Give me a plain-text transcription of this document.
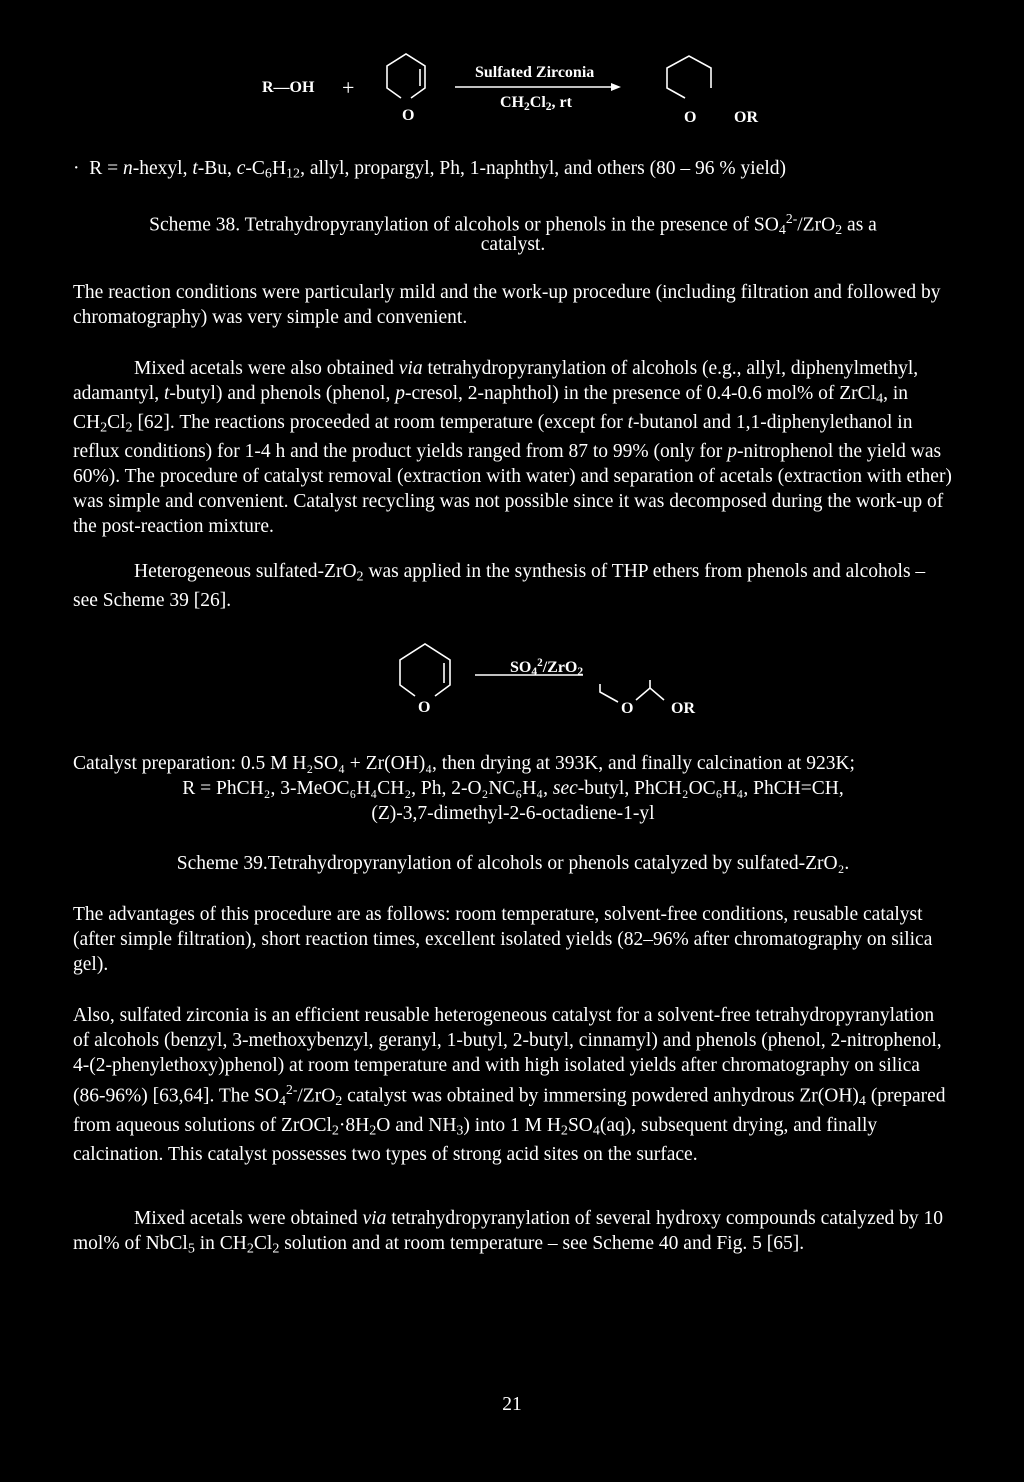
R—OH +
O
Sulfated Zirconia
$CH_2Cl_2$, rt
O OR
· R = n-hexyl, t-Bu, $c-C_6H_{12}$, allyl, propargyl, Ph, 1-naphthyl, and others (80 – 96 % yield)
Scheme 38. Tetrahydropyranylation of alcohols or phenols in the presence of $SO_4^{2-}/ZrO_2$ as a
catalyst.

The reaction conditions were particularly mild and the work-up procedure (including filtration and followed by chromatography) was very simple and convenient.

Mixed acetals were also obtained via tetrahydropyranylation of alcohols (e.g., allyl, diphenylmethyl, adamantyl, t-butyl) and phenols (phenol, p-cresol, 2-naphthol) in the presence of 0.4-0.6 mol% of ZrCl$_4$, in $CH_2Cl_2$ [62]. The reactions proceeded at room temperature (except for t-butanol and 1,1-diphenylethanol in reflux conditions) for 1-4 h and the product yields ranged from 87 to 99% (only for p-nitrophenol the yield was 60%). The procedure of catalyst removal (extraction with water) and separation of acetals (extraction with ether) was simple and convenient. Catalyst recycling was not possible since it was decomposed during the work-up of the post-reaction mixture.

Heterogeneous sulfated-ZrO$_2$ was applied in the synthesis of THP ethers from phenols and alcohols – see Scheme 39 [26].

O
$SO_4^2/ZrO_2$
O OR
Catalyst preparation: 0.5 M H₂SO₄ + Zr(OH)₄, then drying at 393K, and finally calcination at 923K;
R = PhCH₂, 3-MeOC₆H₄CH₂, Ph, 2-O₂NC₆H₄, sec-butyl, PhCH₂OC₆H₄, PhCH=CH,
(Z)-3,7-dimethyl-2-6-octadiene-1-yl
Scheme 39.Tetrahydropyranylation of alcohols or phenols catalyzed by sulfated-ZrO₂.

The advantages of this procedure are as follows: room temperature, solvent-free conditions, reusable catalyst (after simple filtration), short reaction times, excellent isolated yields (82–96% after chromatography on silica gel).

Also, sulfated zirconia is an efficient reusable heterogeneous catalyst for a solvent-free tetrahydropyranylation of alcohols (benzyl, 3-methoxybenzyl, geranyl, 1-butyl, 2-butyl, cinnamyl) and phenols (phenol, 2-nitrophenol, 4-(2-phenylethoxy)phenol) at room temperature and with high isolated yields after chromatography on silica (86-96%) [63,64]. The $SO_4^{2-}/ZrO_2$ catalyst was obtained by immersing powdered anhydrous $Zr(OH)_4$ (prepared from aqueous solutions of $ZrOCl_2\cdot 8H_2O$ and $NH_3$) into 1 M $H_2SO_4(aq)$, subsequent drying, and finally calcination. This catalyst possesses two types of strong acid sites on the surface.

Mixed acetals were obtained via tetrahydropyranylation of several hydroxy compounds catalyzed by 10 mol% of NbCl$_5$ in $CH_2Cl_2$ solution and at room temperature – see Scheme 40 and Fig. 5 [65].

21
